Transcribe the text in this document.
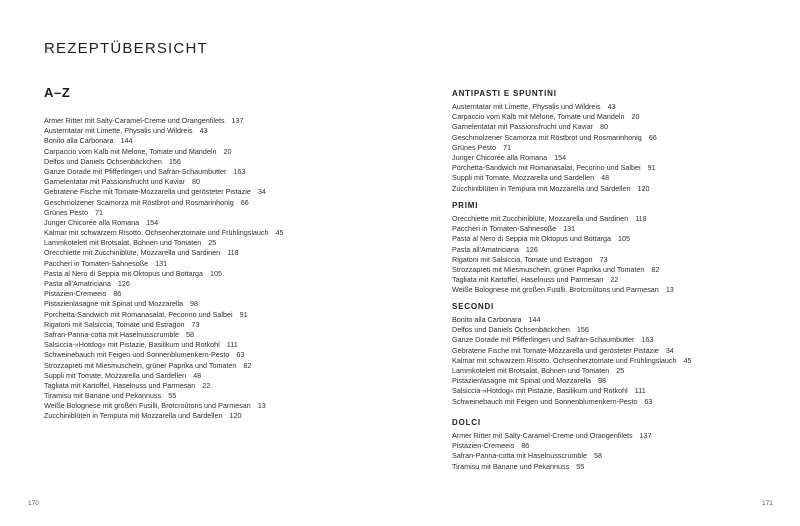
REZEPTÜBERSICHT
A–Z
Armer Ritter mit Salty-Caramel-Creme und Orangenfilets 137
Austerntatar mit Limette, Physalis und Wildreis 43
Bonito alla Carbonara 144
Carpaccio vom Kalb mit Melone, Tomate und Mandeln 20
Delfos und Daniels Ochsenbäckchen 156
Ganze Dorade mit Pfifferlingen und Safran-Schaumbutter 163
Garnelentatar mit Passionsfrucht und Kaviar 80
Gebratene Fische mit Tomate-Mozzarella und gerösteter Pistazie 34
Geschmolzener Scamorza mit Röstbrot und Rosmarinhonig 66
Grünes Pesto 71
Junger Chicorée alla Romana 154
Kalmar mit schwarzem Risotto, Ochsenherztomate und Frühlingslauch 45
Lammkotelett mit Brotsalat, Bohnen und Tomaten 25
Orecchiette mit Zucchiniblüte, Mozzarella und Sardinen 118
Paccheri in Tomaten-Sahnesoße 131
Pasta al Nero di Seppia mit Oktopus und Bottarga 105
Pasta all'Amatriciana 126
Pistazien-Cremeeis 86
Pistazienlasagne mit Spinat und Mozzarella 98
Porchetta-Sandwich mit Romanasalat, Pecorino und Salbei 91
Rigatoni mit Salsiccia, Tomate und Estragon 73
Safran-Panna-cotta mit Haselnusscrumble 58
Salsiccia-»Hotdog« mit Pistazie, Basilikum und Rotkohl 111
Schweinebauch mit Feigen und Sonnenblumenkern-Pesto 63
Strozzapreti mit Miesmuscheln, grüner Paprika und Tomaten 82
Suppli mit Tomate, Mozzarella und Sardellen 48
Tagliata mit Kartoffel, Haselnuss und Parmesan 22
Tiramisu mit Banane und Pekannuss 55
Weiße Bolognese mit großen Fusilli, Brotcroûtons und Parmesan 13
Zucchiniblüten in Tempura mit Mozzarella und Sardellen 120
170
ANTIPASTI E SPUNTINI
Austerntatar mit Limette, Physalis und Wildreis 43
Carpaccio vom Kalb mit Melone, Tomate und Mandeln 20
Garnelentatar mit Passionsfrucht und Kaviar 80
Geschmolzener Scamorza mit Röstbrot und Rosmarinhonig 66
Grünes Pesto 71
Junger Chicorée alla Romana 154
Porchetta-Sandwich mit Romanasalat, Pecorino und Salbei 91
Suppli mit Tomate, Mozzarella und Sardellen 48
Zucchiniblüten in Tempura mit Mozzarella und Sardellen 120
PRIMI
Orecchiette mit Zucchiniblüte, Mozzarella und Sardinen 118
Paccheri in Tomaten-Sahnesoße 131
Pasta al Nero di Seppia mit Oktopus und Bottarga 105
Pasta all'Amatriciana 126
Rigatoni mit Salsiccia, Tomate und Estragon 73
Strozzapreti mit Miesmuscheln, grüner Paprika und Tomaten 82
Tagliata mit Kartoffel, Haselnuss und Parmesan 22
Weiße Bolognese mit großen Fusilli, Brotcroûtons und Parmesan 13
SECONDI
Bonito alla Carbonara 144
Delfos und Daniels Ochsenbäckchen 156
Ganze Dorade mit Pfifferlingen und Safran-Schaumbutter 163
Gebratene Fische mit Tomate-Mozzarella und gerösteter Pistazie 34
Kalmar mit schwarzem Risotto, Ochsenherztomate und Frühlingslauch 45
Lammkotelett mit Brotsalat, Bohnen und Tomaten 25
Pistazienlasagne mit Spinat und Mozzarella 98
Salsiccia-»Hotdog« mit Pistazie, Basilikum und Rotkohl 111
Schweinebauch mit Feigen und Sonnenblumenkern-Pesto 63
DOLCI
Armer Ritter mit Salty-Caramel-Creme und Orangenfilets 137
Pistazien-Cremeeis 86
Safran-Panna-cotta mit Haselnusscrumble 58
Tiramisu mit Banane und Pekannuss 55
171
